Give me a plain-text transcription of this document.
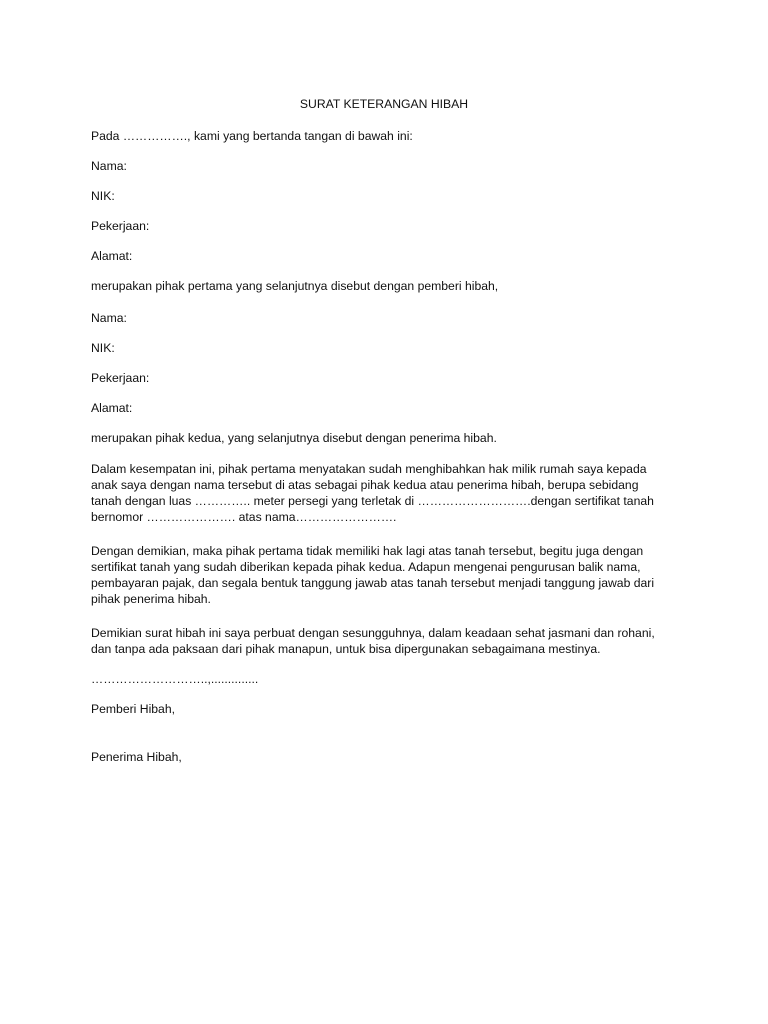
SURAT KETERANGAN HIBAH
Pada ……………., kami yang bertanda tangan di bawah ini:
Nama:
NIK:
Pekerjaan:
Alamat:
merupakan pihak pertama yang selanjutnya disebut dengan pemberi hibah,
Nama:
NIK:
Pekerjaan:
Alamat:
merupakan pihak kedua, yang selanjutnya disebut dengan penerima hibah.
Dalam kesempatan ini, pihak pertama menyatakan sudah menghibahkan hak milik rumah saya kepada
anak saya dengan nama tersebut di atas sebagai pihak kedua atau penerima hibah, berupa sebidang
tanah dengan luas ………….. meter persegi yang terletak di ……………………….dengan sertifikat tanah
bernomor …………………. atas nama…………………….
Dengan demikian, maka pihak pertama tidak memiliki hak lagi atas tanah tersebut, begitu juga dengan
sertifikat tanah yang sudah diberikan kepada pihak kedua. Adapun mengenai pengurusan balik nama,
pembayaran pajak, dan segala bentuk tanggung jawab atas tanah tersebut menjadi tanggung jawab dari
pihak penerima hibah.
Demikian surat hibah ini saya perbuat dengan sesungguhnya, dalam keadaan sehat jasmani dan rohani,
dan tanpa ada paksaan dari pihak manapun, untuk bisa dipergunakan sebagaimana mestinya.
………………………..,..............
Pemberi Hibah,
Penerima Hibah,
